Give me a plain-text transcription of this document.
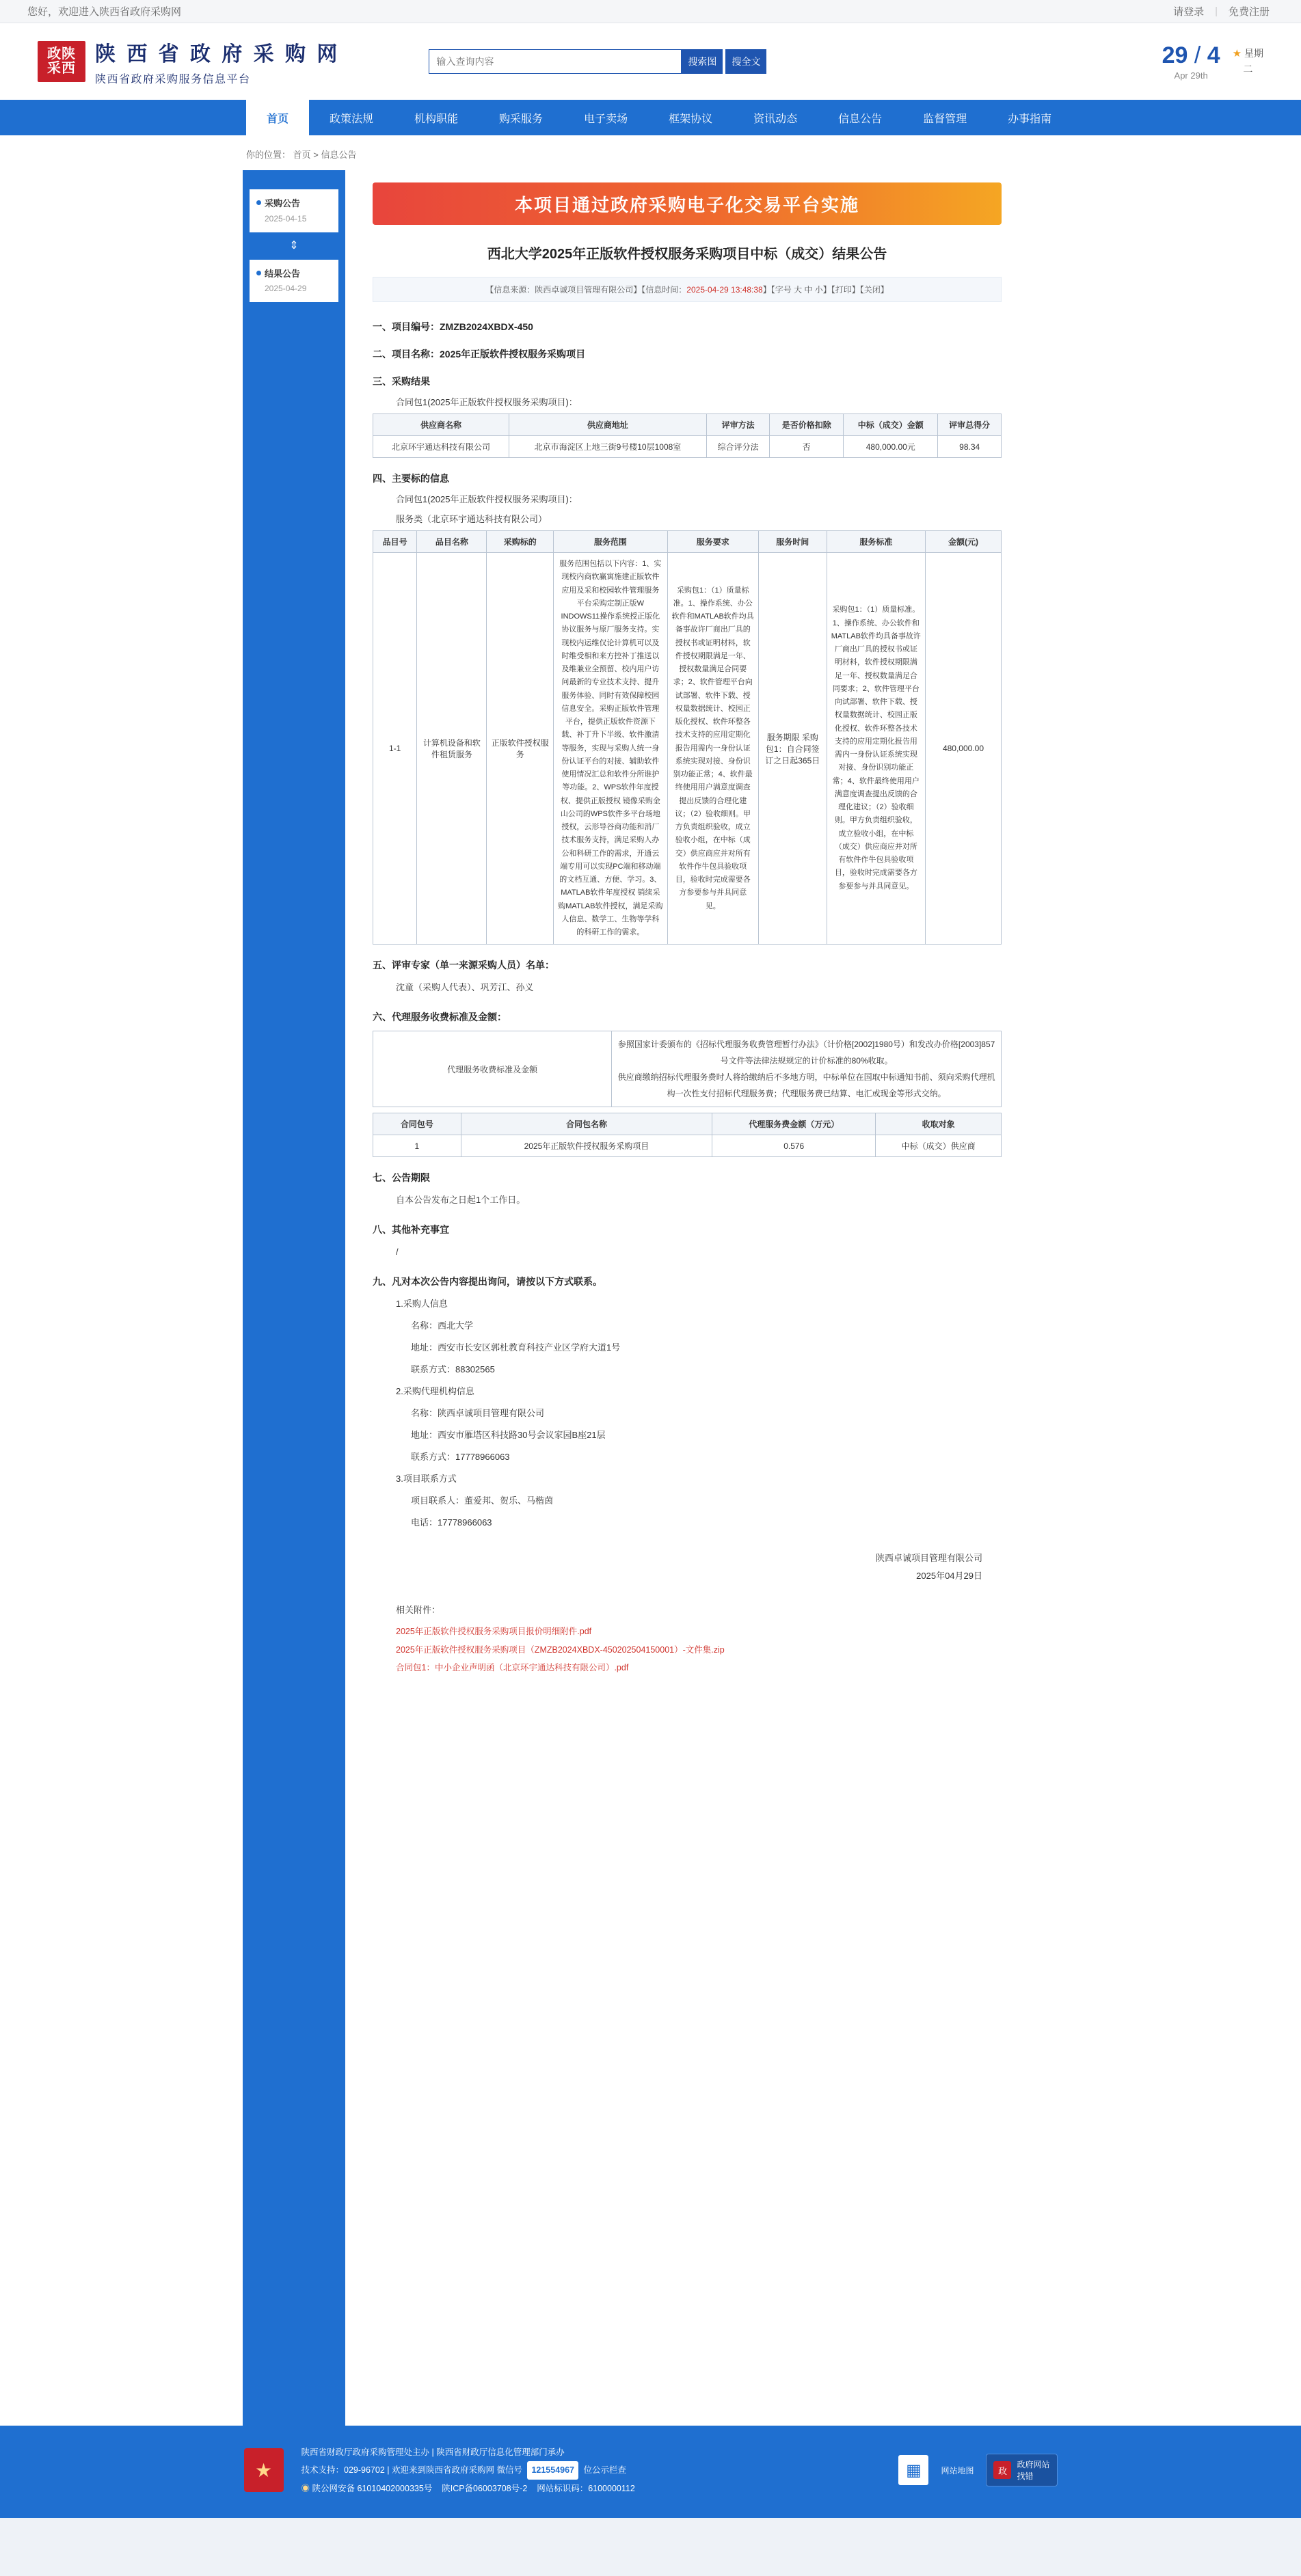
您好，欢迎进入陕西省政府采购网	请登录	|	免费注册
政陕
采西
陕 西 省 政 府 采 购 网
陕西省政府采购服务信息平台
输入查询内容
搜索图	搜全文	29 / 4
Apr 29th
★ 星期
二
首页	政策法规	机构职能	购采服务	电子卖场	框架协议	资讯动态	信息公告	监督管理	办事指南
你的位置： 首页 > 信息公告
采购公告
2025-04-15
⇕
结果公告
2025-04-29
本项目通过政府采购电子化交易平台实施
西北大学2025年正版软件授权服务采购项目中标（成交）结果公告
【信息来源：陕西卓诚项目管理有限公司】【信息时间：2025-04-29 13:48:38】【字号 大 中 小】【打印】【关闭】
一、项目编号：ZMZB2024XBDX-450
二、项目名称：2025年正版软件授权服务采购项目
三、采购结果
合同包1(2025年正版软件授权服务采购项目)：
供应商名称	供应商地址	评审方法	是否价格扣除	中标（成交）金额	评审总得分
北京环宇通达科技有限公司	北京市海淀区上地三街9号楼10层1008室	综合评分法	否	480,000.00元	98.34
四、主要标的信息
合同包1(2025年正版软件授权服务采购项目)：
服务类（北京环宇通达科技有限公司）
品目号	品目名称	采购标的	服务范围	服务要求	服务时间	服务标准	金额(元)
1-1	计算机设备和软件租赁服务	正版软件授权服务	服务范围包括以下内容：1、实现校内商软赢寓施建正版软件应用及采和校园软件管理服务平台采购定制正版W INDOWS11操作系统授正版化协议服务与原厂服务支持。实现校内运维仅论计算机可以及时维受相和来方控补丁推送以及维兼业全预留、校内用户访问最新的专业技术支持、提升服务体验、同时有效保障校园信息安全。采购正版软件管理平台，提供正版软件资源下载、补丁升下半级、软件激清等服务，实现与采购人统一身份认证平台的对接、辅助软件使用情况汇总和软件分所谁护等功能。2、WPS软件年度授权、提供正版授权 镜像采购金山公司的WPS软件多平台场地授权，云形导谷商功能和消厂技术服务支持，满足采购人办公和科研工作的需求，开通云端专用可以实现PC端和移动端的文档互通、方便、学习。3、MATLAB软件年度授权 销续采购MATLAB软件授权，满足采购人信息、数学工、生物等学科的科研工作的需求。	采购包1：（1）质量标准。1、操作系统、办公软件和MATLAB软件均具备事故许厂商出厂具的授权书或证明材料，软件授权期限满足一年、授权数量满足合同要求；2、软件管理平台向试部署、软件下载、授权量数据统计、校园正版化授权、软件环整各技术支持的应用定期化报告用需内一身份认证系统实现对接、身份识别功能正常；4、软件最终使用用户满意度调查提出反馈的合理化建议；（2）验收细则。甲方负责组织验收，成立验收小组，在中标（成交）供应商应并对所有软件作牛包具验收项目，验收时完成需要各方参要参与并具同意见。	服务期限 采购包1：自合同签订之日起365日	采购包1：（1）质量标准。1、操作系统、办公软件和MATLAB软件均具备事故许厂商出厂具的授权书或证明材料，软件授权期限满足一年、授权数量满足合同要求；2、软件管理平台向试部署、软件下载、授权量数据统计、校园正版化授权、软件环整各技术支持的应用定期化报告用需内一身份认证系统实现对接、身份识别功能正常；4、软件最终使用用户满意度调查提出反馈的合理化建议；（2）验收细则。甲方负责组织验收，成立验收小组，在中标（成交）供应商应并对所有软件作牛包具验收项目，验收时完成需要各方参要参与并具同意见。	480,000.00
五、评审专家（单一来源采购人员）名单：
沈童（采购人代表）、巩芳江、孙义
六、代理服务收费标准及金额：
代理服务收费标准及金额	
参照国家计委颁布的《招标代理服务收费管理暂行办法》（计价格[2002]1980号）和发改办价格[2003]857号文件等法律法规规定的计价标准的80%收取。
供应商缴纳招标代理服务费时人将给缴纳后不多地方明，中标单位在国取中标通知书前、须向采购代理机构一次性支付招标代理服务费；代理服务费已结算、电汇或现金等形式交纳。
合同包号	合同包名称	代理服务费金额（万元）	收取对象
1	2025年正版软件授权服务采购项目	0.576	中标（成交）供应商
七、公告期限
自本公告发布之日起1个工作日。
八、其他补充事宜
/
九、凡对本次公告内容提出询问，请按以下方式联系。
1.采购人信息
名称：西北大学
地址：西安市长安区郭杜教育科技产业区学府大道1号
联系方式：88302565
2.采购代理机构信息
名称：陕西卓诚项目管理有限公司
地址：西安市雁塔区科技路30号会议家园B座21层
联系方式：17778966063
3.项目联系方式
项目联系人：董爱邦、贺乐、马楷茵
电话：17778966063
陕西卓诚项目管理有限公司
2025年04月29日
相关附件：
2025年正版软件授权服务采购项目报价明细附件.pdf
2025年正版软件授权服务采购项目（ZMZB2024XBDX-450202504150001）-文件集.zip
合同包1：中小企业声明函（北京环宇通达科技有限公司）.pdf
★
陕西省财政厅政府采购管理处主办 | 陕西省财政厅信息化管理部门承办
技术支持：029-96702 | 欢迎来到陕西省政府采购网 微信号 121554967 位公示栏查
◉ 陕公网安备 61010402000335号 陕ICP备06003708号-2 网站标识码：6100000112
▦	网站地图	政
政府网站
找错
